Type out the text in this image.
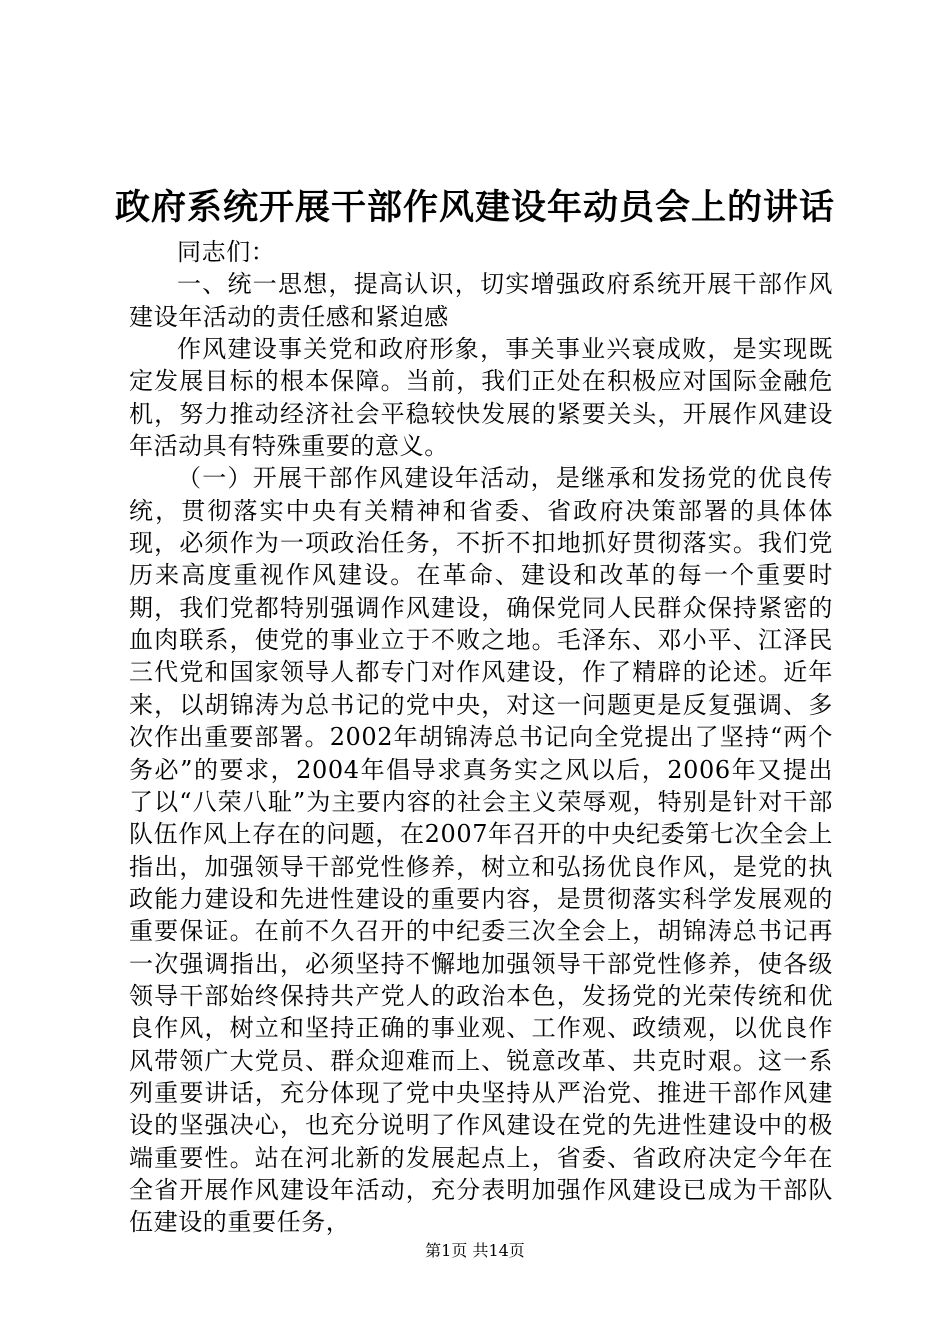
政府系统开展干部作风建设年动员会上的讲话

同志们：

一、统一思想，提高认识，切实增强政府系统开展干部作风建设年活动的责任感和紧迫感

作风建设事关党和政府形象，事关事业兴衰成败，是实现既定发展目标的根本保障。当前，我们正处在积极应对国际金融危机，努力推动经济社会平稳较快发展的紧要关头，开展作风建设年活动具有特殊重要的意义。

（一）开展干部作风建设年活动，是继承和发扬党的优良传统，贯彻落实中央有关精神和省委、省政府决策部署的具体体现，必须作为一项政治任务，不折不扣地抓好贯彻落实。我们党历来高度重视作风建设。在革命、建设和改革的每一个重要时期，我们党都特别强调作风建设，确保党同人民群众保持紧密的血肉联系，使党的事业立于不败之地。毛泽东、邓小平、江泽民三代党和国家领导人都专门对作风建设，作了精辟的论述。近年来，以胡锦涛为总书记的党中央，对这一问题更是反复强调、多次作出重要部署。2002年胡锦涛总书记向全党提出了坚持“两个务必”的要求，2004年倡导求真务实之风以后，2006年又提出了以“八荣八耻”为主要内容的社会主义荣辱观，特别是针对干部队伍作风上存在的问题，在2007年召开的中央纪委第七次全会上指出，加强领导干部党性修养，树立和弘扬优良作风，是党的执政能力建设和先进性建设的重要内容，是贯彻落实科学发展观的重要保证。在前不久召开的中纪委三次全会上，胡锦涛总书记再一次强调指出，必须坚持不懈地加强领导干部党性修养，使各级领导干部始终保持共产党人的政治本色，发扬党的光荣传统和优良作风，树立和坚持正确的事业观、工作观、政绩观，以优良作风带领广大党员、群众迎难而上、锐意改革、共克时艰。这一系列重要讲话，充分体现了党中央坚持从严治党、推进干部作风建设的坚强决心，也充分说明了作风建设在党的先进性建设中的极端重要性。站在河北新的发展起点上，省委、省政府决定今年在全省开展作风建设年活动，充分表明加强作风建设已成为干部队伍建设的重要任务，

第1页 共14页
